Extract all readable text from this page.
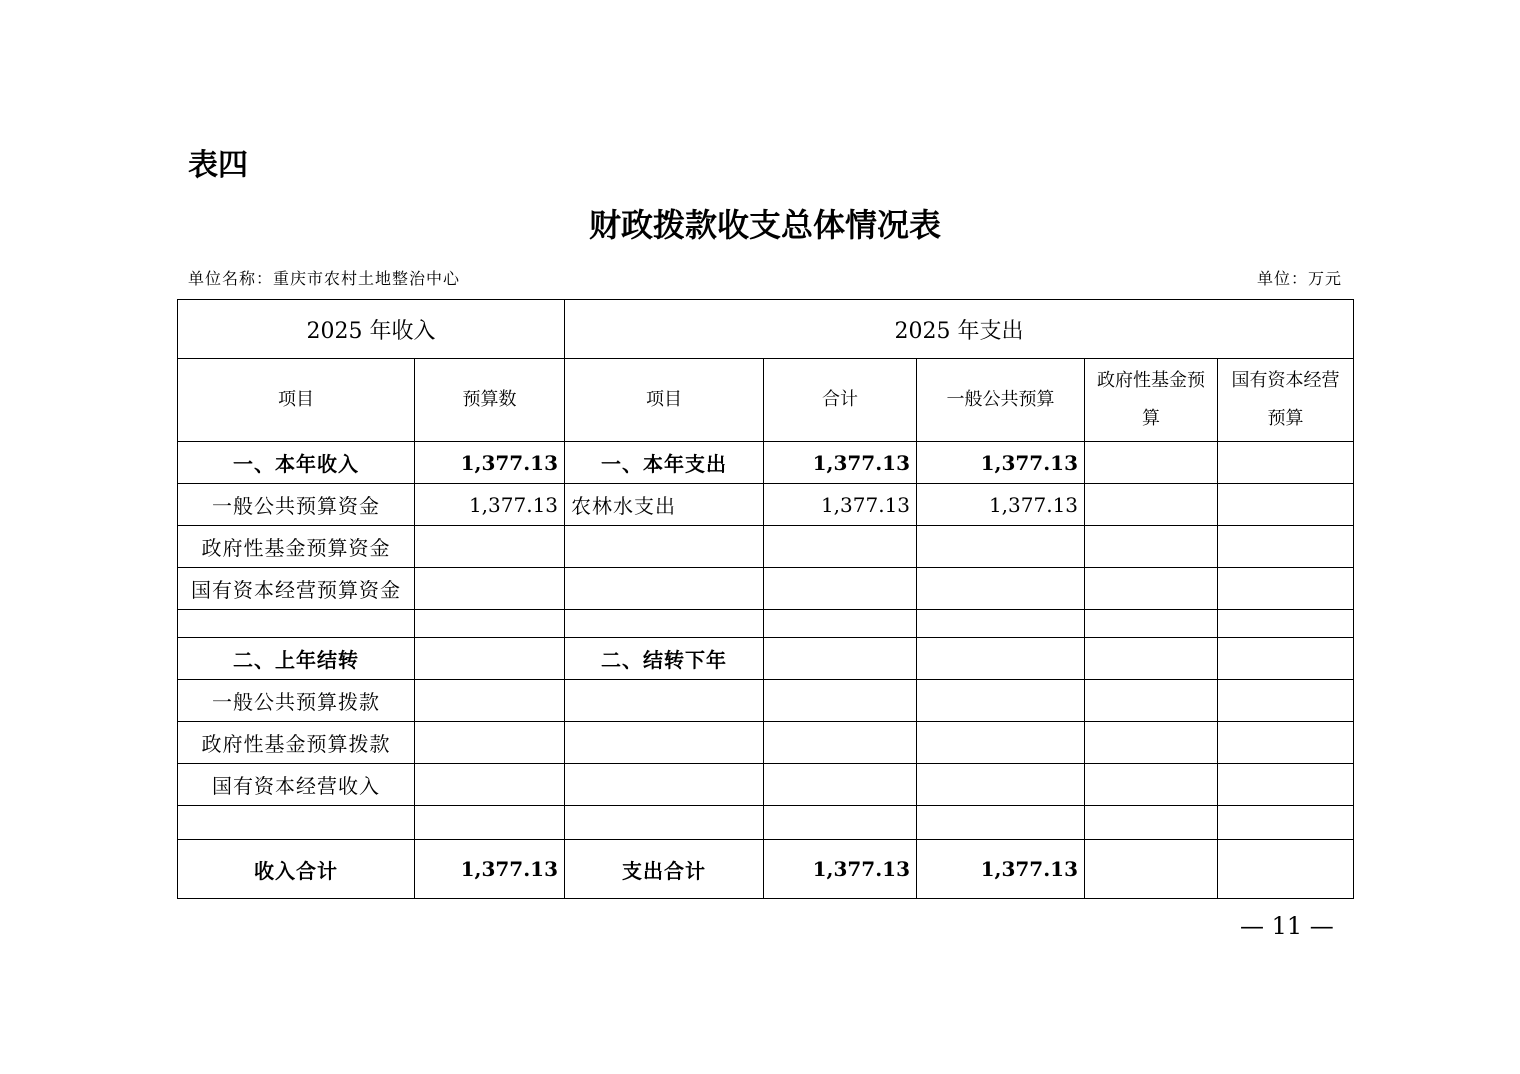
表四
财政拨款收支总体情况表
单位名称：重庆市农村土地整治中心	单位：万元
2025 年收入		2025 年支出				
项目	预算数	项目	合计	一般公共预算	政府性基金预算	国有资本经营预算
一、本年收入	1,377.13	一、本年支出	1,377.13	1,377.13		
一般公共预算资金	1,377.13	农林水支出	1,377.13	1,377.13		
政府性基金预算资金						
国有资本经营预算资金						

二、上年结转		二、结转下年				
一般公共预算拨款						
政府性基金预算拨款						
国有资本经营收入						

收入合计	1,377.13	支出合计	1,377.13	1,377.13		
— 11 —
